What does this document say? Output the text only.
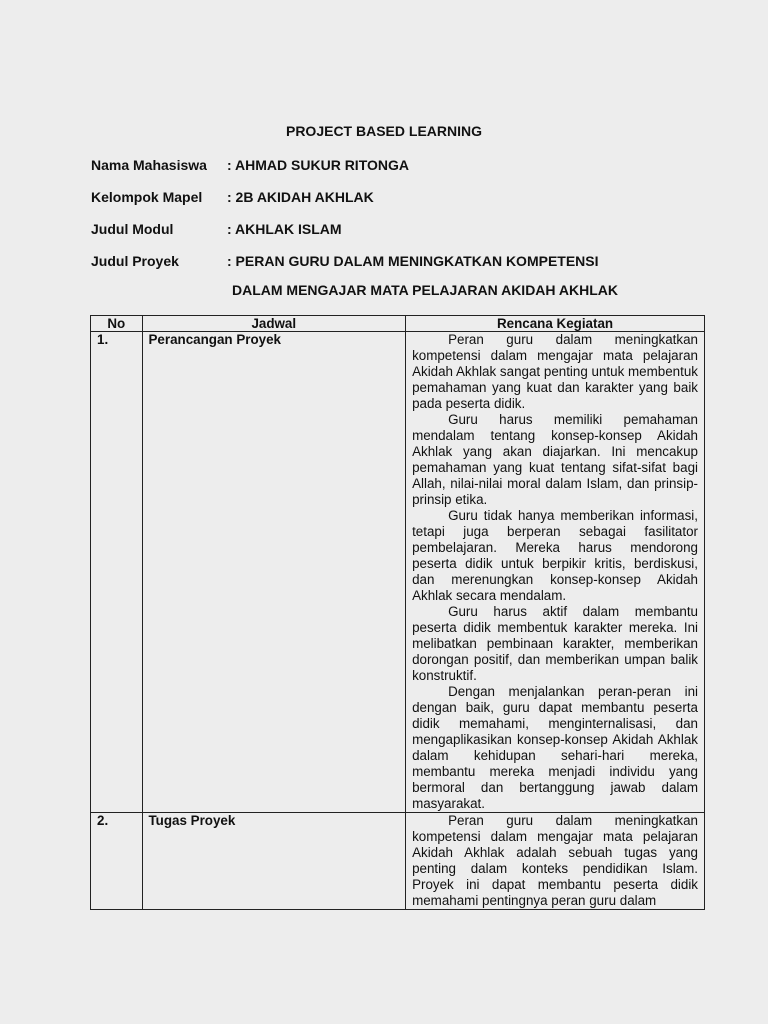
PROJECT BASED LEARNING
Nama Mahasiswa : AHMAD SUKUR RITONGA
Kelompok Mapel : 2B AKIDAH AKHLAK
Judul Modul	: AKHLAK ISLAM
Judul Proyek	: PERAN GURU DALAM MENINGKATKAN KOMPETENSI
DALAM MENGAJAR MATA PELAJARAN AKIDAH AKHLAK
No	Jadwal	Rencana Kegiatan
1.	Perancangan Proyek	Peran guru dalam meningkatkan kompetensi dalam mengajar mata pelajaran Akidah Akhlak sangat penting untuk membentuk pemahaman yang kuat dan karakter yang baik pada peserta didik.

Guru harus memiliki pemahaman mendalam tentang konsep-konsep Akidah Akhlak yang akan diajarkan. Ini mencakup pemahaman yang kuat tentang sifat-sifat bagi Allah, nilai-nilai moral dalam Islam, dan prinsip-prinsip etika.

Guru tidak hanya memberikan informasi, tetapi juga berperan sebagai fasilitator pembelajaran. Mereka harus mendorong peserta didik untuk berpikir kritis, berdiskusi, dan merenungkan konsep-konsep Akidah Akhlak secara mendalam.

Guru harus aktif dalam membantu peserta didik membentuk karakter mereka. Ini melibatkan pembinaan karakter, memberikan dorongan positif, dan memberikan umpan balik konstruktif.

Dengan menjalankan peran-peran ini dengan baik, guru dapat membantu peserta didik memahami, menginternalisasi, dan mengaplikasikan konsep-konsep Akidah Akhlak dalam kehidupan sehari-hari mereka, membantu mereka menjadi individu yang bermoral dan bertanggung jawab dalam masyarakat.

2.	Tugas Proyek	Peran guru dalam meningkatkan kompetensi dalam mengajar mata pelajaran Akidah Akhlak adalah sebuah tugas yang penting dalam konteks pendidikan Islam. Proyek ini dapat membantu peserta didik memahami pentingnya peran guru dalam
